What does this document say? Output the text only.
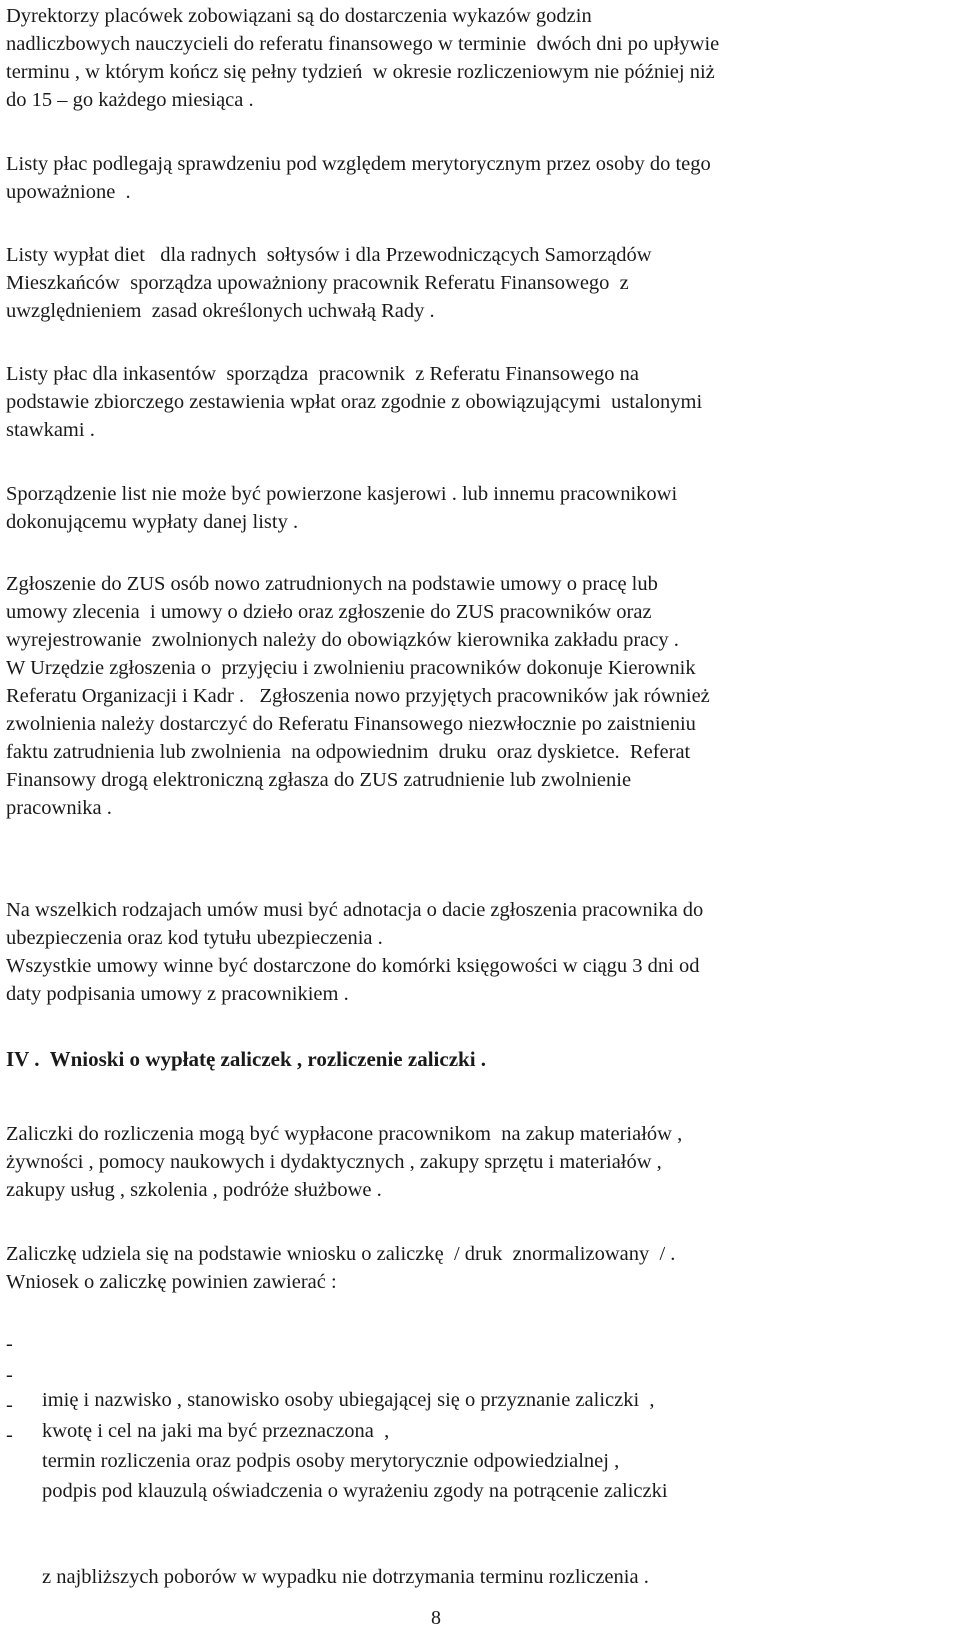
Dyrektorzy placówek zobowiązani są do dostarczenia wykazów godzin
nadliczbowych nauczycieli do referatu finansowego w terminie  dwóch dni po upływie
terminu , w którym kończ się pełny tydzień  w okresie rozliczeniowym nie później niż
do 15 – go każdego miesiąca .
Listy płac podlegają sprawdzeniu pod względem merytorycznym przez osoby do tego
upoważnione  .
Listy wypłat diet   dla radnych  sołtysów i dla Przewodniczących Samorządów
Mieszkańców  sporządza upoważniony pracownik Referatu Finansowego  z
uwzględnieniem  zasad określonych uchwałą Rady .
Listy płac dla inkasentów  sporządza  pracownik  z Referatu Finansowego na
podstawie zbiorczego zestawienia wpłat oraz zgodnie z obowiązującymi  ustalonymi
stawkami .
Sporządzenie list nie może być powierzone kasjerowi . lub innemu pracownikowi
dokonującemu wypłaty danej listy .
Zgłoszenie do ZUS osób nowo zatrudnionych na podstawie umowy o pracę lub
umowy zlecenia  i umowy o dzieło oraz zgłoszenie do ZUS pracowników oraz
wyrejestrowanie  zwolnionych należy do obowiązków kierownika zakładu pracy .
W Urzędzie zgłoszenia o  przyjęciu i zwolnieniu pracowników dokonuje Kierownik
Referatu Organizacji i Kadr .   Zgłoszenia nowo przyjętych pracowników jak również
zwolnienia należy dostarczyć do Referatu Finansowego niezwłocznie po zaistnieniu
faktu zatrudnienia lub zwolnienia  na odpowiednim  druku  oraz dyskietce.  Referat
Finansowy drogą elektroniczną zgłasza do ZUS zatrudnienie lub zwolnienie
pracownika .
Na wszelkich rodzajach umów musi być adnotacja o dacie zgłoszenia pracownika do
ubezpieczenia oraz kod tytułu ubezpieczenia .
Wszystkie umowy winne być dostarczone do komórki księgowości w ciągu 3 dni od
daty podpisania umowy z pracownikiem .
IV .  Wnioski o wypłatę zaliczek , rozliczenie zaliczki .
Zaliczki do rozliczenia mogą być wypłacone pracownikom  na zakup materiałów ,
żywności , pomocy naukowych i dydaktycznych , zakupy sprzętu i materiałów ,
zakupy usług , szkolenia , podróże służbowe .
Zaliczkę udziela się na podstawie wniosku o zaliczkę  / druk  znormalizowany  / .
Wniosek o zaliczkę powinien zawierać :
-

imię i nazwisko , stanowisko osoby ubiegającej się o przyznanie zaliczki  ,

-

kwotę i cel na jaki ma być przeznaczona  ,

-

termin rozliczenia oraz podpis osoby merytorycznie odpowiedzialnej ,

-

podpis pod klauzulą oświadczenia o wyrażeniu zgody na potrącenie zaliczki

z najbliższych poborów w wypadku nie dotrzymania terminu rozliczenia .

8
